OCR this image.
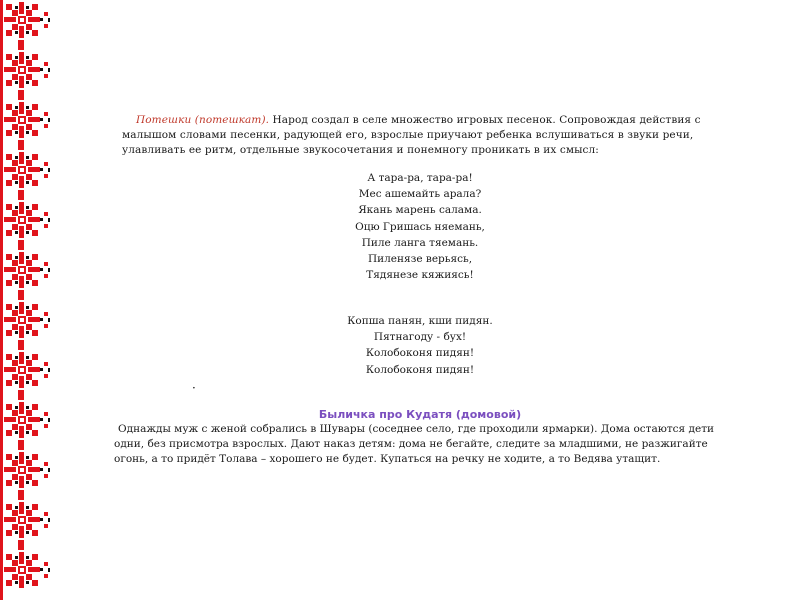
Потешки (потешкат). Народ создал в селе множество игровых песенок. Сопровождая действия с малышом словами песенки, радующей его, взрослые приучают ребенка вслушиваться в звуки речи, улавливать ее ритм, отдельные звукосочетания и понемногу проникать в их смысл:
А тара-ра, тара-ра!
Мес ашемайть арала?
Якань марень салама.
Оцю Гришась няемань,
Пиле ланга тяемань.
Пиленязе верьясь,
Тядянезе кяжиясь!
Копша панян, кши пидян.
Пятнагоду - бух!
Колобоконя пидян!
Колобоконя пидян!
·
Быличка про Кудатя (домовой)
Однажды муж с женой собрались в Шувары (соседнее село, где проходили ярмарки). Дома остаются дети одни, без присмотра взрослых. Дают наказ детям: дома не бегайте, следите за младшими, не разжигайте огонь, а то придёт Толава – хорошего не будет. Купаться на речку не ходите, а то Ведява утащит.
